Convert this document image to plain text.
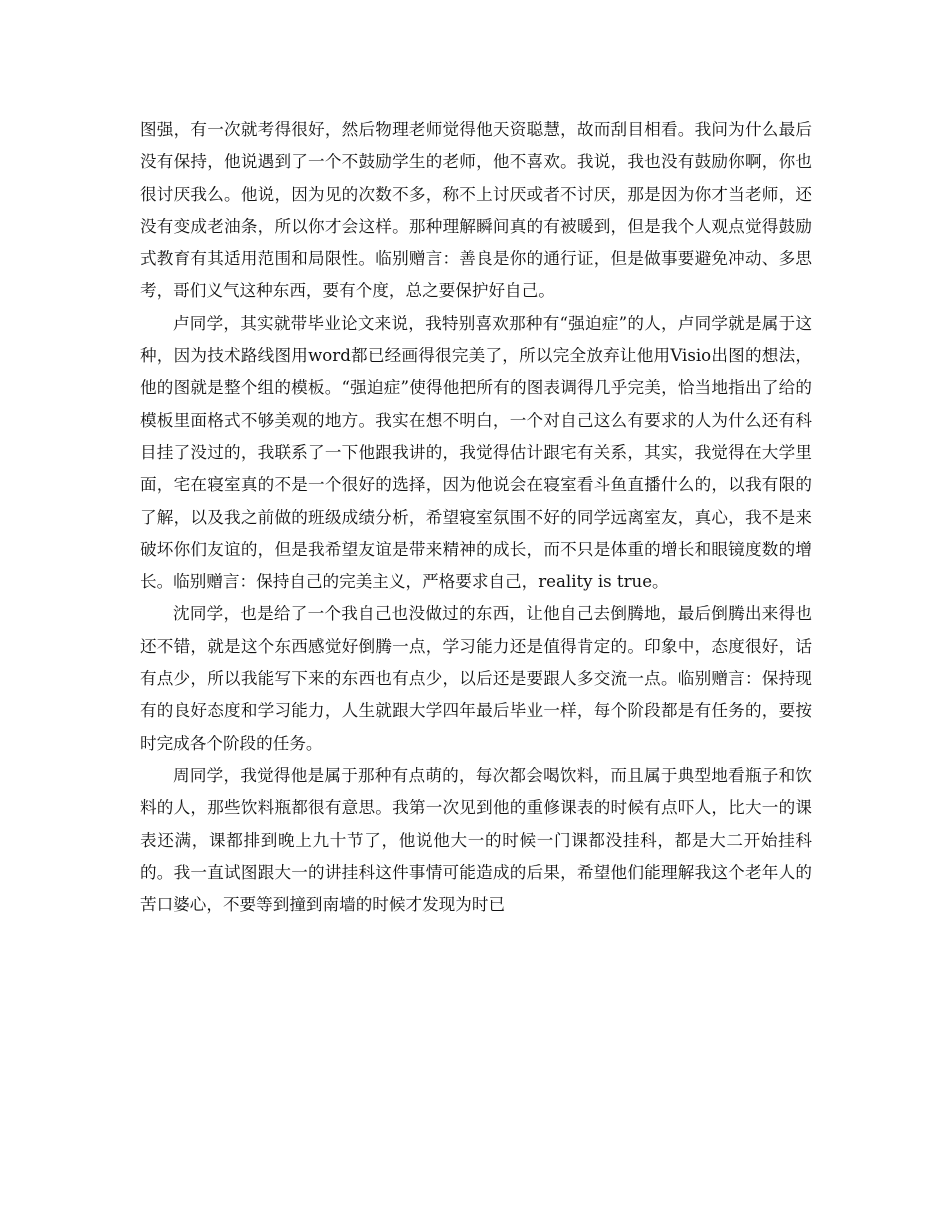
图强，有一次就考得很好，然后物理老师觉得他天资聪慧，故而刮目相看。我问为什么最后没有保持，他说遇到了一个不鼓励学生的老师，他不喜欢。我说，我也没有鼓励你啊，你也很讨厌我么。他说，因为见的次数不多，称不上讨厌或者不讨厌，那是因为你才当老师，还没有变成老油条，所以你才会这样。那种理解瞬间真的有被暖到，但是我个人观点觉得鼓励式教育有其适用范围和局限性。临别赠言：善良是你的通行证，但是做事要避免冲动、多思考，哥们义气这种东西，要有个度，总之要保护好自己。

卢同学，其实就带毕业论文来说，我特别喜欢那种有“强迫症”的人，卢同学就是属于这种，因为技术路线图用word都已经画得很完美了，所以完全放弃让他用Visio出图的想法，他的图就是整个组的模板。“强迫症”使得他把所有的图表调得几乎完美，恰当地指出了给的模板里面格式不够美观的地方。我实在想不明白，一个对自己这么有要求的人为什么还有科目挂了没过的，我联系了一下他跟我讲的，我觉得估计跟宅有关系，其实，我觉得在大学里面，宅在寝室真的不是一个很好的选择，因为他说会在寝室看斗鱼直播什么的，以我有限的了解，以及我之前做的班级成绩分析，希望寝室氛围不好的同学远离室友，真心，我不是来破坏你们友谊的，但是我希望友谊是带来精神的成长，而不只是体重的增长和眼镜度数的增长。临别赠言：保持自己的完美主义，严格要求自己，reality is true。

沈同学，也是给了一个我自己也没做过的东西，让他自己去倒腾地，最后倒腾出来得也还不错，就是这个东西感觉好倒腾一点，学习能力还是值得肯定的。印象中，态度很好，话有点少，所以我能写下来的东西也有点少，以后还是要跟人多交流一点。临别赠言：保持现有的良好态度和学习能力，人生就跟大学四年最后毕业一样，每个阶段都是有任务的，要按时完成各个阶段的任务。

周同学，我觉得他是属于那种有点萌的，每次都会喝饮料，而且属于典型地看瓶子和饮料的人，那些饮料瓶都很有意思。我第一次见到他的重修课表的时候有点吓人，比大一的课表还满，课都排到晚上九十节了，他说他大一的时候一门课都没挂科，都是大二开始挂科的。我一直试图跟大一的讲挂科这件事情可能造成的后果，希望他们能理解我这个老年人的苦口婆心，不要等到撞到南墙的时候才发现为时已
